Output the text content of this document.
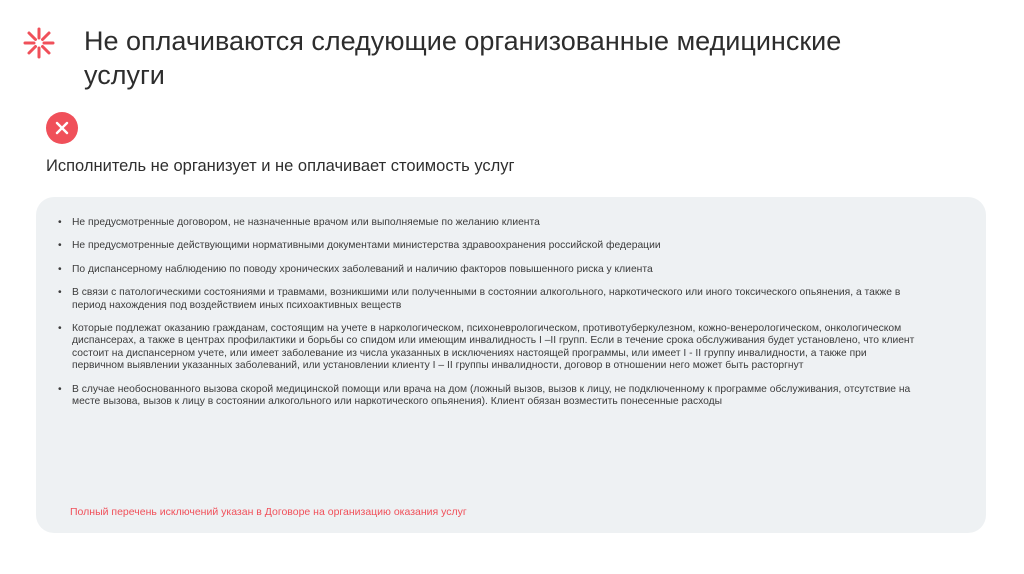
Не оплачиваются следующие организованные медицинские услуги

Исполнитель не организует и не оплачивает стоимость услуг

• Не предусмотренные договором, не назначенные врачом или выполняемые по желанию клиента
• Не предусмотренные действующими нормативными документами министерства здравоохранения российской федерации
• По диспансерному наблюдению по поводу хронических заболеваний и наличию факторов повышенного риска у клиента
• В связи с патологическими состояниями и травмами, возникшими или полученными в состоянии алкогольного, наркотического или иного токсического опьянения, а также в период нахождения под воздействием иных психоактивных веществ
• Которые подлежат оказанию гражданам, состоящим на учете в наркологическом, психоневрологическом, противотуберкулезном, кожно-венерологическом, онкологическом диспансерах, а также в центрах профилактики и борьбы со спидом или имеющим инвалидность I –II групп. Если в течение срока обслуживания будет установлено, что клиент состоит на диспансерном учете, или имеет заболевание из числа указанных в исключениях настоящей программы, или имеет I - II группу инвалидности, а также при первичном выявлении указанных заболеваний, или установлении клиенту I – II группы инвалидности, договор в отношении него может быть расторгнут
• В случае необоснованного вызова скорой медицинской помощи или врача на дом (ложный вызов, вызов к лицу, не подключенному к программе обслуживания, отсутствие на месте вызова, вызов к лицу в состоянии алкогольного или наркотического опьянения). Клиент обязан возместить понесенные расходы
Полный перечень исключений указан в Договоре на организацию оказания услуг
